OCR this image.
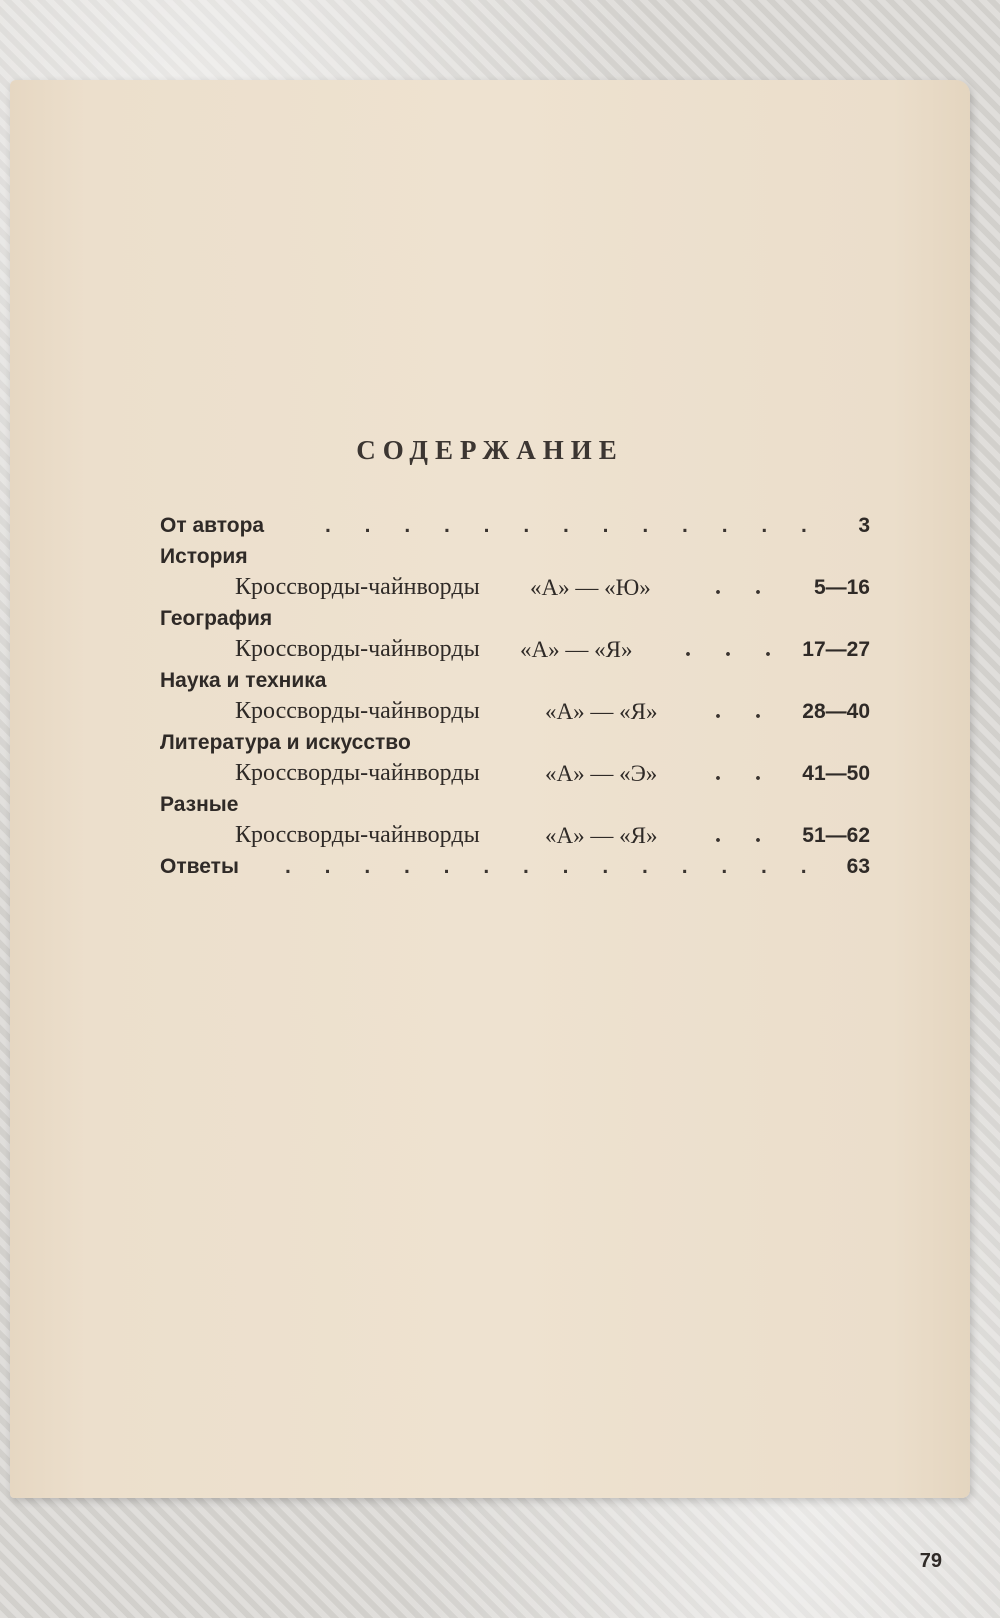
СОДЕРЖАНИЕ
От автора	. . . . . . . . . . . . . 3
История
Кроссворды-чайнворды «А» — «Ю»	. . 5—16
География
Кроссворды-чайнворды «А» — «Я» . . . 17—27
Наука и техника
Кроссворды-чайнворды	«А» — «Я» . . 28—40
Литература и искусство
Кроссворды-чайнворды	«А» — «Э» . . 41—50
Разные
Кроссворды-чайнворды	«А» — «Я» . . 51—62
Ответы . . . . . . . . . . . . . . 63
79
